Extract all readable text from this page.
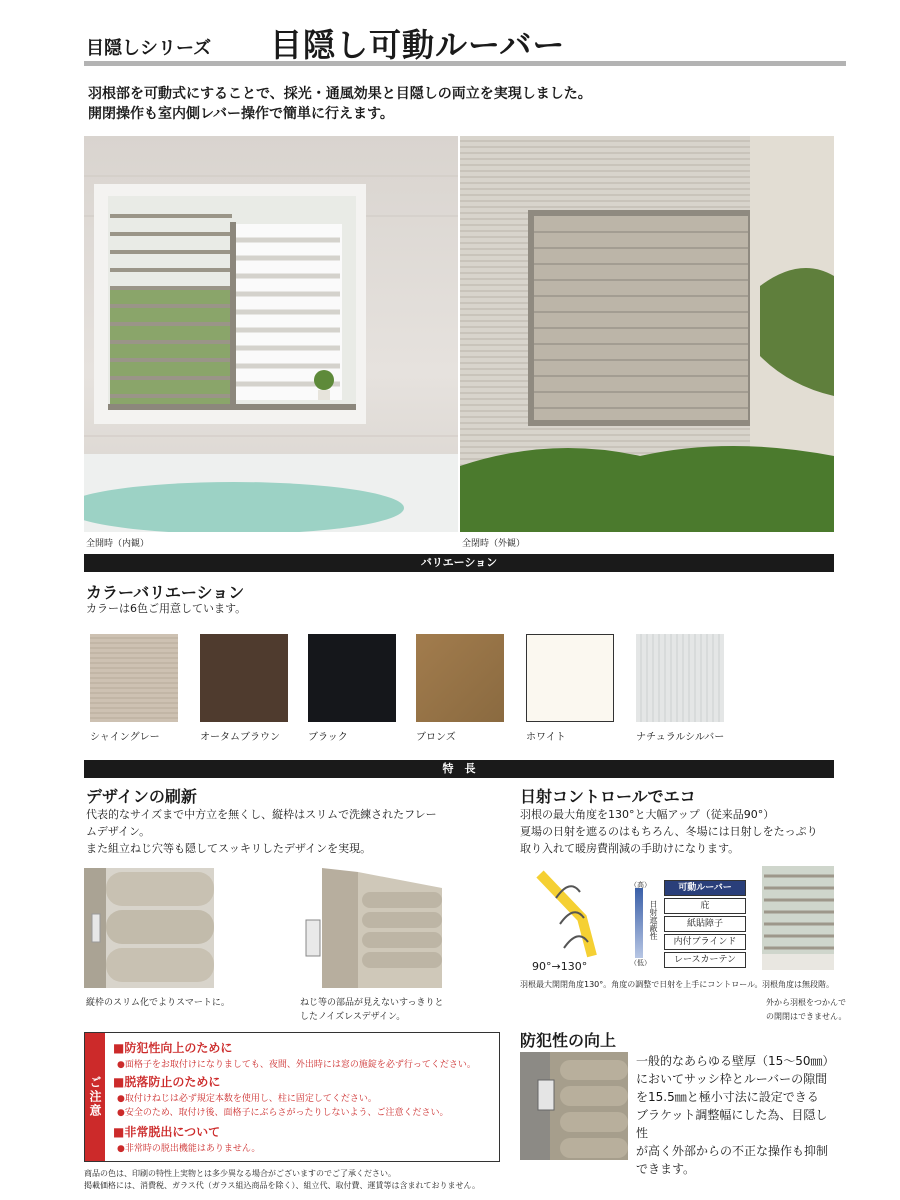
目隠しシリーズ 目隠し可動ルーバー
羽根部を可動式にすることで、採光・通風効果と目隠しの両立を実現しました。
開閉操作も室内側レバー操作で簡単に行えます。
全開時（内観）	全閉時（外観）
バリエーション
カラーバリエーション
カラーは6色ご用意しています。
シャイングレー	オータムブラウン	ブラック	ブロンズ	ホワイト	ナチュラルシルバー
特　長
デザインの刷新
代表的なサイズまで中方立を無くし、縦枠はスリムで洗練されたフレー
ムデザイン。
また組立ねじ穴等も隠してスッキリしたデザインを実現。
縦枠のスリム化でよりスマートに。	ねじ等の部品が見えないすっきりと
したノイズレスデザイン。
日射コントロールでエコ
羽根の最大角度を130°と大幅アップ（従来品90°）
夏場の日射を遮るのはもちろん、冬場には日射しをたっぷり
取り入れて暖房費削減の手助けになります。
90°→130°
（高）
（低）
日射遮蔽性
可動ルーバー
庇
紙貼障子
内付ブラインド
レースカーテン
羽根最大開閉角度130°。角度の調整で日射を上手にコントロール。 羽根角度は無段階。
外から羽根をつかんで
の開閉はできません。
防犯性の向上
一般的なあらゆる壁厚（15～50㎜）
においてサッシ枠とルーバーの隙間
を15.5㎜と極小寸法に設定できる
ブラケット調整幅にした為、目隠し性
が高く外部からの不正な操作も抑制
できます。
ご注意
■防犯性向上のために
●面格子をお取付けになりましても、夜間、外出時には窓の施錠を必ず行ってください。
■脱落防止のために
●取付けねじは必ず規定本数を使用し、柱に固定してください。
●安全のため、取付け後、面格子にぶらさがったりしないよう、ご注意ください。
■非常脱出について
●非常時の脱出機能はありません。
商品の色は、印刷の特性上実物とは多少異なる場合がございますのでご了承ください。
掲載価格には、消費税、ガラス代（ガラス組込商品を除く）、組立代、取付費、運賃等は含まれておりません。
